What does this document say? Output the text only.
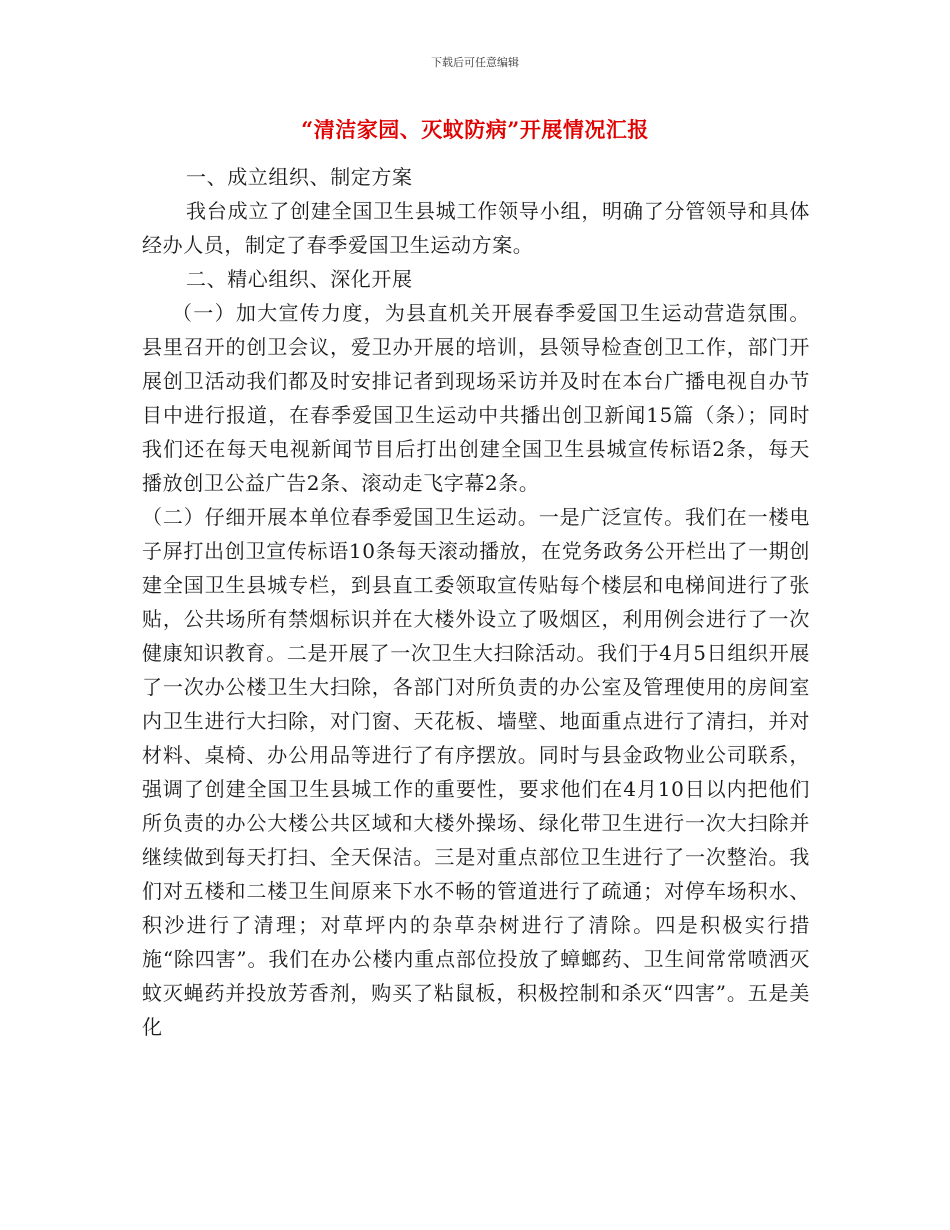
下载后可任意编辑
“清洁家园、灭蚊防病”开展情况汇报

一、成立组织、制定方案

我台成立了创建全国卫生县城工作领导小组，明确了分管领导和具体经办人员，制定了春季爱国卫生运动方案。

二、精心组织、深化开展

（一）加大宣传力度，为县直机关开展春季爱国卫生运动营造氛围。县里召开的创卫会议，爱卫办开展的培训，县领导检查创卫工作，部门开展创卫活动我们都及时安排记者到现场采访并及时在本台广播电视自办节目中进行报道，在春季爱国卫生运动中共播出创卫新闻15篇（条）；同时我们还在每天电视新闻节目后打出创建全国卫生县城宣传标语2条，每天播放创卫公益广告2条、滚动走飞字幕2条。

（二）仔细开展本单位春季爱国卫生运动。一是广泛宣传。我们在一楼电子屏打出创卫宣传标语10条每天滚动播放，在党务政务公开栏出了一期创建全国卫生县城专栏，到县直工委领取宣传贴每个楼层和电梯间进行了张贴，公共场所有禁烟标识并在大楼外设立了吸烟区，利用例会进行了一次健康知识教育。二是开展了一次卫生大扫除活动。我们于4月5日组织开展了一次办公楼卫生大扫除，各部门对所负责的办公室及管理使用的房间室内卫生进行大扫除，对门窗、天花板、墙壁、地面重点进行了清扫，并对材料、桌椅、办公用品等进行了有序摆放。同时与县金政物业公司联系，强调了创建全国卫生县城工作的重要性，要求他们在4月10日以内把他们所负责的办公大楼公共区域和大楼外操场、绿化带卫生进行一次大扫除并继续做到每天打扫、全天保洁。三是对重点部位卫生进行了一次整治。我们对五楼和二楼卫生间原来下水不畅的管道进行了疏通；对停车场积水、积沙进行了清理；对草坪内的杂草杂树进行了清除。四是积极实行措施“除四害”。我们在办公楼内重点部位投放了蟑螂药、卫生间常常喷洒灭蚊灭蝇药并投放芳香剂，购买了粘鼠板，积极控制和杀灭“四害”。五是美化
